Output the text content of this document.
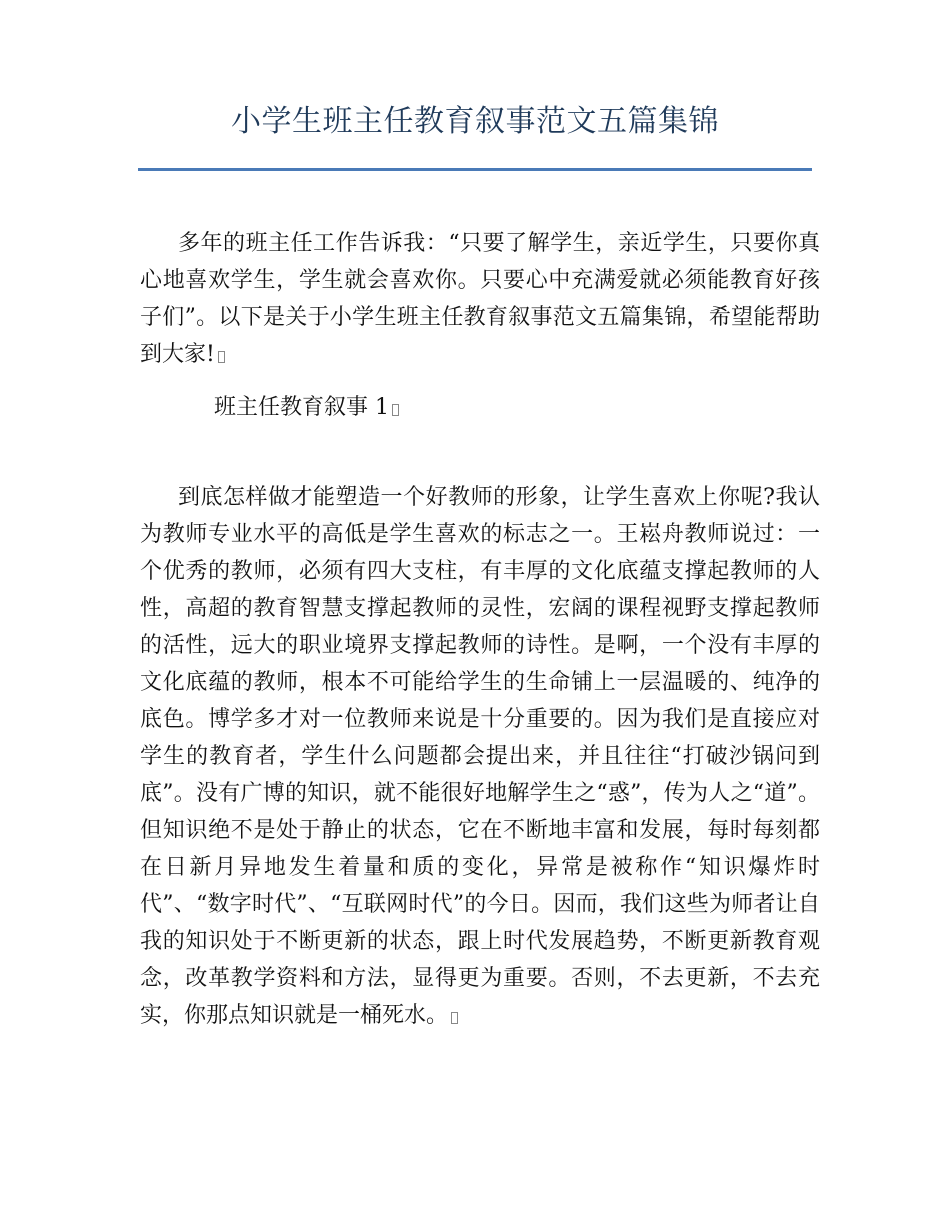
小学生班主任教育叙事范文五篇集锦

多年的班主任工作告诉我：“只要了解学生，亲近学生，只要你真心地喜欢学生，学生就会喜欢你。只要心中充满爱就必须能教育好孩子们”。以下是关于小学生班主任教育叙事范文五篇集锦，希望能帮助到大家!

班主任教育叙事 1

到底怎样做才能塑造一个好教师的形象，让学生喜欢上你呢?我认为教师专业水平的高低是学生喜欢的标志之一。王崧舟教师说过：一个优秀的教师，必须有四大支柱，有丰厚的文化底蕴支撑起教师的人性，高超的教育智慧支撑起教师的灵性，宏阔的课程视野支撑起教师的活性，远大的职业境界支撑起教师的诗性。是啊，一个没有丰厚的文化底蕴的教师，根本不可能给学生的生命铺上一层温暖的、纯净的底色。博学多才对一位教师来说是十分重要的。因为我们是直接应对学生的教育者，学生什么问题都会提出来，并且往往“打破沙锅问到底”。没有广博的知识，就不能很好地解学生之“惑”，传为人之“道”。但知识绝不是处于静止的状态，它在不断地丰富和发展，每时每刻都在日新月异地发生着量和质的变化，异常是被称作“知识爆炸时代”、“数字时代”、“互联网时代”的今日。因而，我们这些为师者让自我的知识处于不断更新的状态，跟上时代发展趋势，不断更新教育观念，改革教学资料和方法，显得更为重要。否则，不去更新，不去充实，你那点知识就是一桶死水。
